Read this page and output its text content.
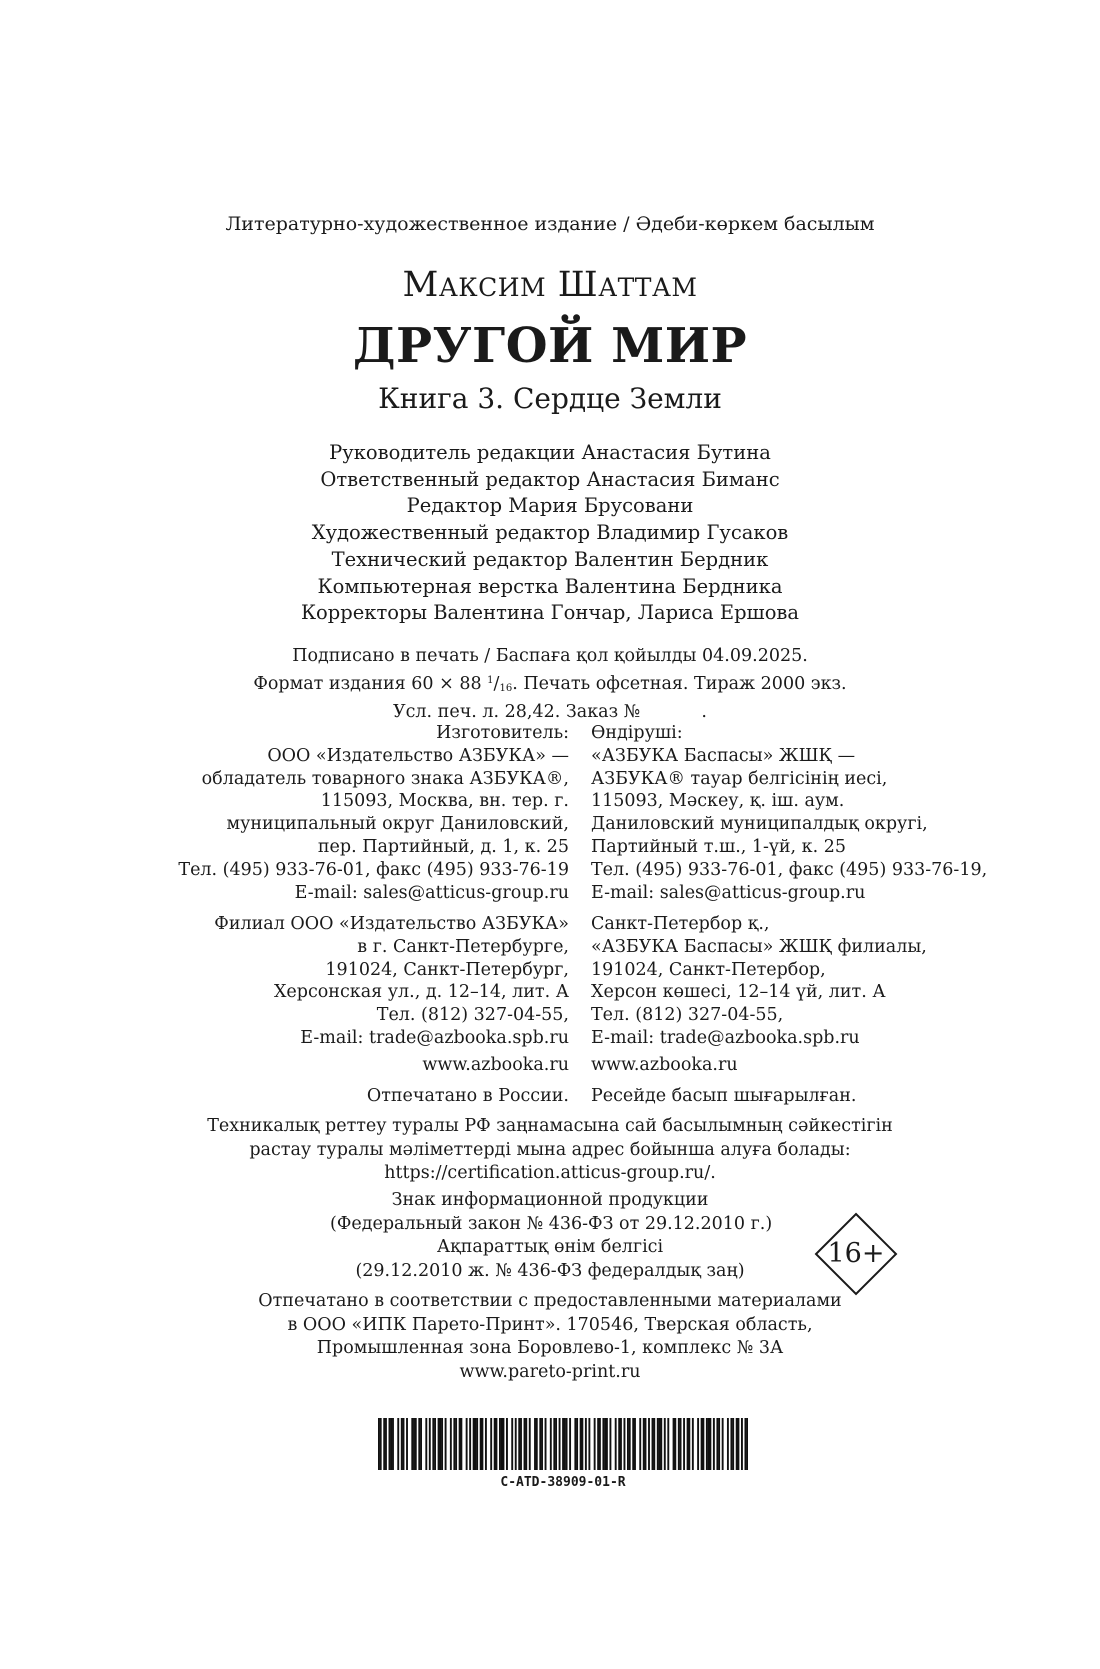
Литературно-художественное издание / Әдеби-көркем басылым
Максим Шаттам
ДРУГОЙ МИР
Книга 3. Сердце Земли
Руководитель редакции Анастасия Бутина
Ответственный редактор Анастасия Биманс
Редактор Мария Брусовани
Художественный редактор Владимир Гусаков
Технический редактор Валентин Бердник
Компьютерная верстка Валентина Бердника
Корректоры Валентина Гончар, Лариса Ершова
Подписано в печать / Баспаға қол қойылды 04.09.2025.
Формат издания 60 × 88 $^1/_{16}$. Печать офсетная. Тираж 2000 экз.
Усл. печ. л. 28,42. Заказ №           .
Изготовитель:
ООО «Издательство АЗБУКА» —
обладатель товарного знака АЗБУКА®,
115093, Москва, вн. тер. г.
муниципальный округ Даниловский,
пер. Партийный, д. 1, к. 25
Тел. (495) 933-76-01, факс (495) 933-76-19
E-mail: sales@atticus-group.ru
Өндіруші:
«АЗБУКА Баспасы» ЖШҚ —
АЗБУКА® тауар белгісінің иесі,
115093, Мәскеу, қ. іш. аум.
Даниловский муниципалдық округі,
Партийный т.ш., 1-үй, к. 25
Тел. (495) 933-76-01, факс (495) 933-76-19,
E-mail: sales@atticus-group.ru
Филиал ООО «Издательство АЗБУКА»
в г. Санкт-Петербурге,
191024, Санкт-Петербург,
Херсонская ул., д. 12–14, лит. А
Тел. (812) 327-04-55,
E-mail: trade@azbooka.spb.ru
Санкт-Петербор қ.,
«АЗБУКА Баспасы» ЖШҚ филиалы,
191024, Санкт-Петербор,
Херсон көшесі, 12–14 үй, лит. А
Тел. (812) 327-04-55,
E-mail: trade@azbooka.spb.ru
www.azbooka.ru www.azbooka.ru
Отпечатано в России. Ресейде басып шығарылған.
Техникалық реттеу туралы РФ заңнамасына сай басылымның сәйкестігін
растау туралы мәліметтерді мына адрес бойынша алуға болады:
https://certification.atticus-group.ru/.
Знак информационной продукции
(Федеральный закон № 436-ФЗ от 29.12.2010 г.)
Ақпараттық өнім белгісі
(29.12.2010 ж. № 436-ФЗ федералдық заң)
16+
Отпечатано в соответствии с предоставленными материалами
в ООО «ИПК Парето-Принт». 170546, Тверская область,
Промышленная зона Боровлево-1, комплекс № 3А
www.pareto-print.ru
C-ATD-38909-01-R
